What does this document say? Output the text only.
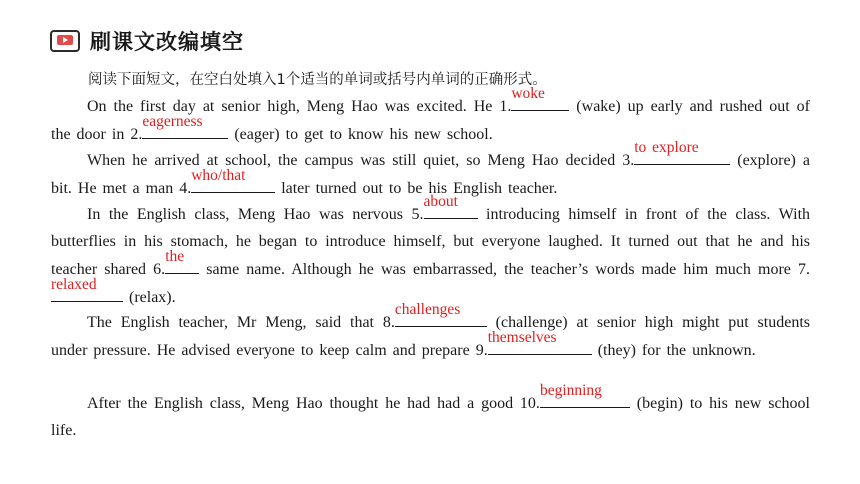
刷课文改编填空
阅读下面短文，在空白处填入1个适当的单词或括号内单词的正确形式。
On the first day at senior high, Meng Hao was excited. He 1.
woke
(wake) up early and rushed out of the door in 2.
eagerness
(eager) to get to know his new school.
When he arrived at school, the campus was still quiet, so Meng Hao decided 3.
to explore
(explore) a bit. He met a man 4.
who/that
later turned out to be his English teacher.
In the English class, Meng Hao was nervous 5.
about
introducing himself in front of the class. With butterflies in his stomach, he began to introduce himself, but everyone laughed. It turned out that he and his teacher shared 6.
the
same name. Although he was embarrassed, the teacher’s words made him much more 7.
relaxed
(relax).
The English teacher, Mr Meng, said that 8.
challenges
(challenge) at senior high might put students under pressure. He advised everyone to keep calm and prepare 9.
themselves
(they) for the unknown.
After the English class, Meng Hao thought he had had a good 10.
beginning
(begin) to his new school life.
